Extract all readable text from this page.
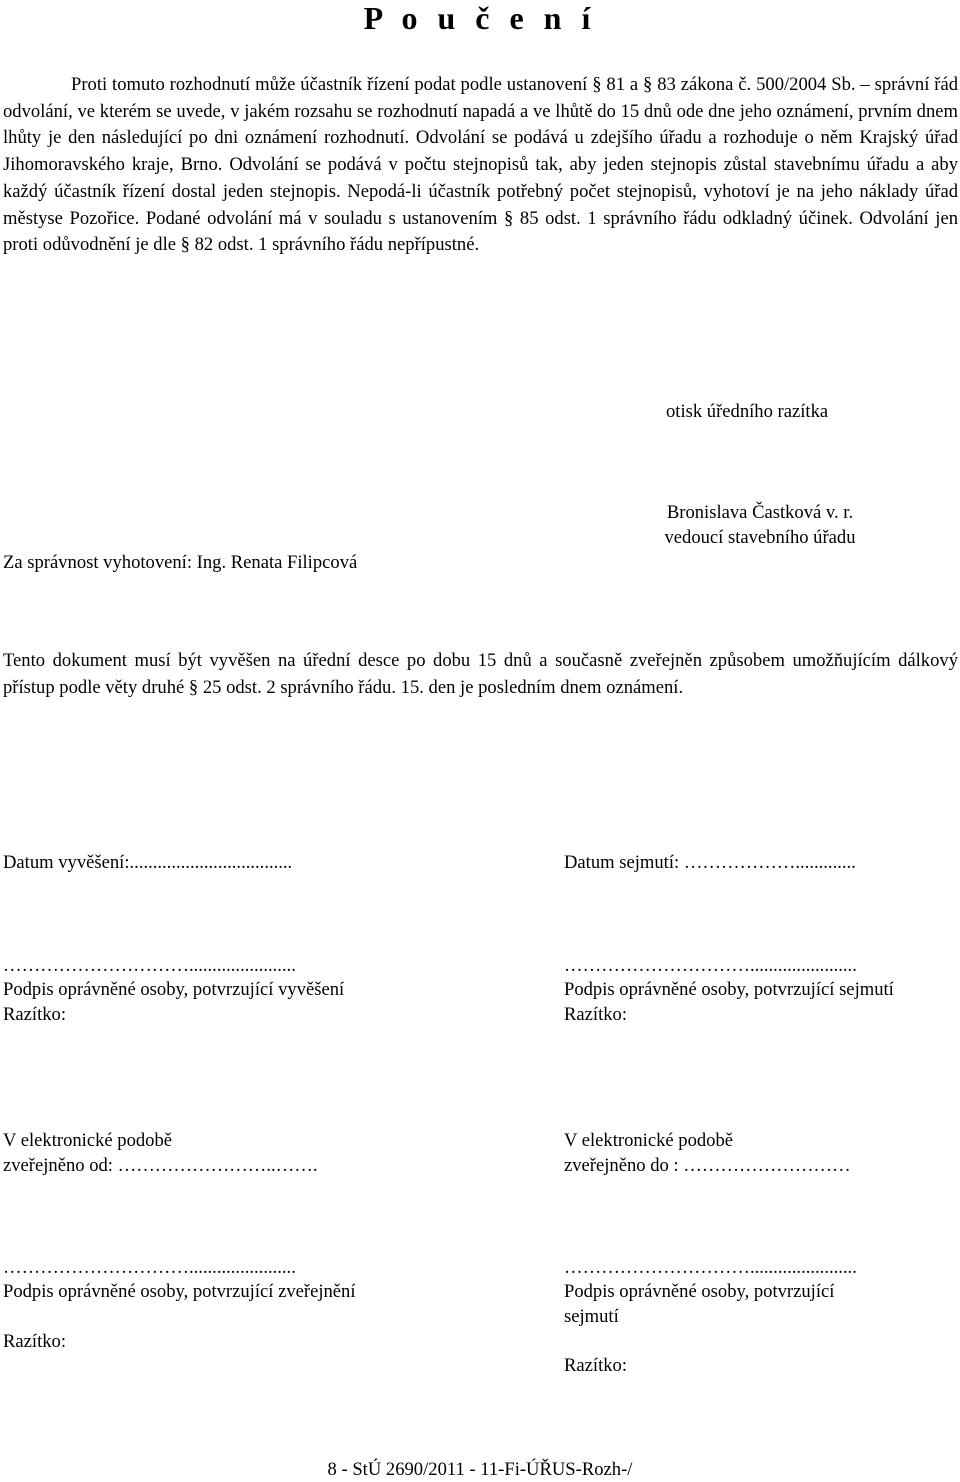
P o u č e n í

Proti tomuto rozhodnutí může účastník řízení podat podle ustanovení § 81 a § 83 zákona č. 500/2004 Sb. – správní řád odvolání, ve kterém se uvede, v jakém rozsahu se rozhodnutí napadá a ve lhůtě do 15 dnů ode dne jeho oznámení, prvním dnem lhůty je den následující po dni oznámení rozhodnutí. Odvolání se podává u zdejšího úřadu a rozhoduje o něm Krajský úřad Jihomoravského kraje, Brno. Odvolání se podává v počtu stejnopisů tak, aby jeden stejnopis zůstal stavebnímu úřadu a aby každý účastník řízení dostal jeden stejnopis. Nepodá-li účastník potřebný počet stejnopisů, vyhotoví je na jeho náklady úřad městyse Pozořice. Podané odvolání má v souladu s ustanovením § 85 odst. 1 správního řádu odkladný účinek. Odvolání jen proti odůvodnění je dle § 82 odst. 1 správního řádu nepřípustné.

otisk úředního razítka
Bronislava Častková v. r.
vedoucí stavebního úřadu
Za správnost vyhotovení: Ing. Renata Filipcová

Tento dokument musí být vyvěšen na úřední desce po dobu 15 dnů a současně zveřejněn způsobem umožňujícím dálkový přístup podle věty druhé § 25 odst. 2 správního řádu. 15. den je posledním dnem oznámení.

Datum vyvěšení:...................................
………………………….......................
Podpis oprávněné osoby, potvrzující vyvěšení
Razítko:
V elektronické podobě
zveřejněno od: ……………………..…….
………………………….......................
Podpis oprávněné osoby, potvrzující zveřejnění
Razítko:
Datum sejmutí: ……………….............
………………………….......................
Podpis oprávněné osoby, potvrzující sejmutí
Razítko:
V elektronické podobě
zveřejněno do : ………………………
………………………….......................
Podpis oprávněné osoby, potvrzující
sejmutí
Razítko:
8 - StÚ 2690/2011 - 11-Fi-ÚŘUS-Rozh-/
